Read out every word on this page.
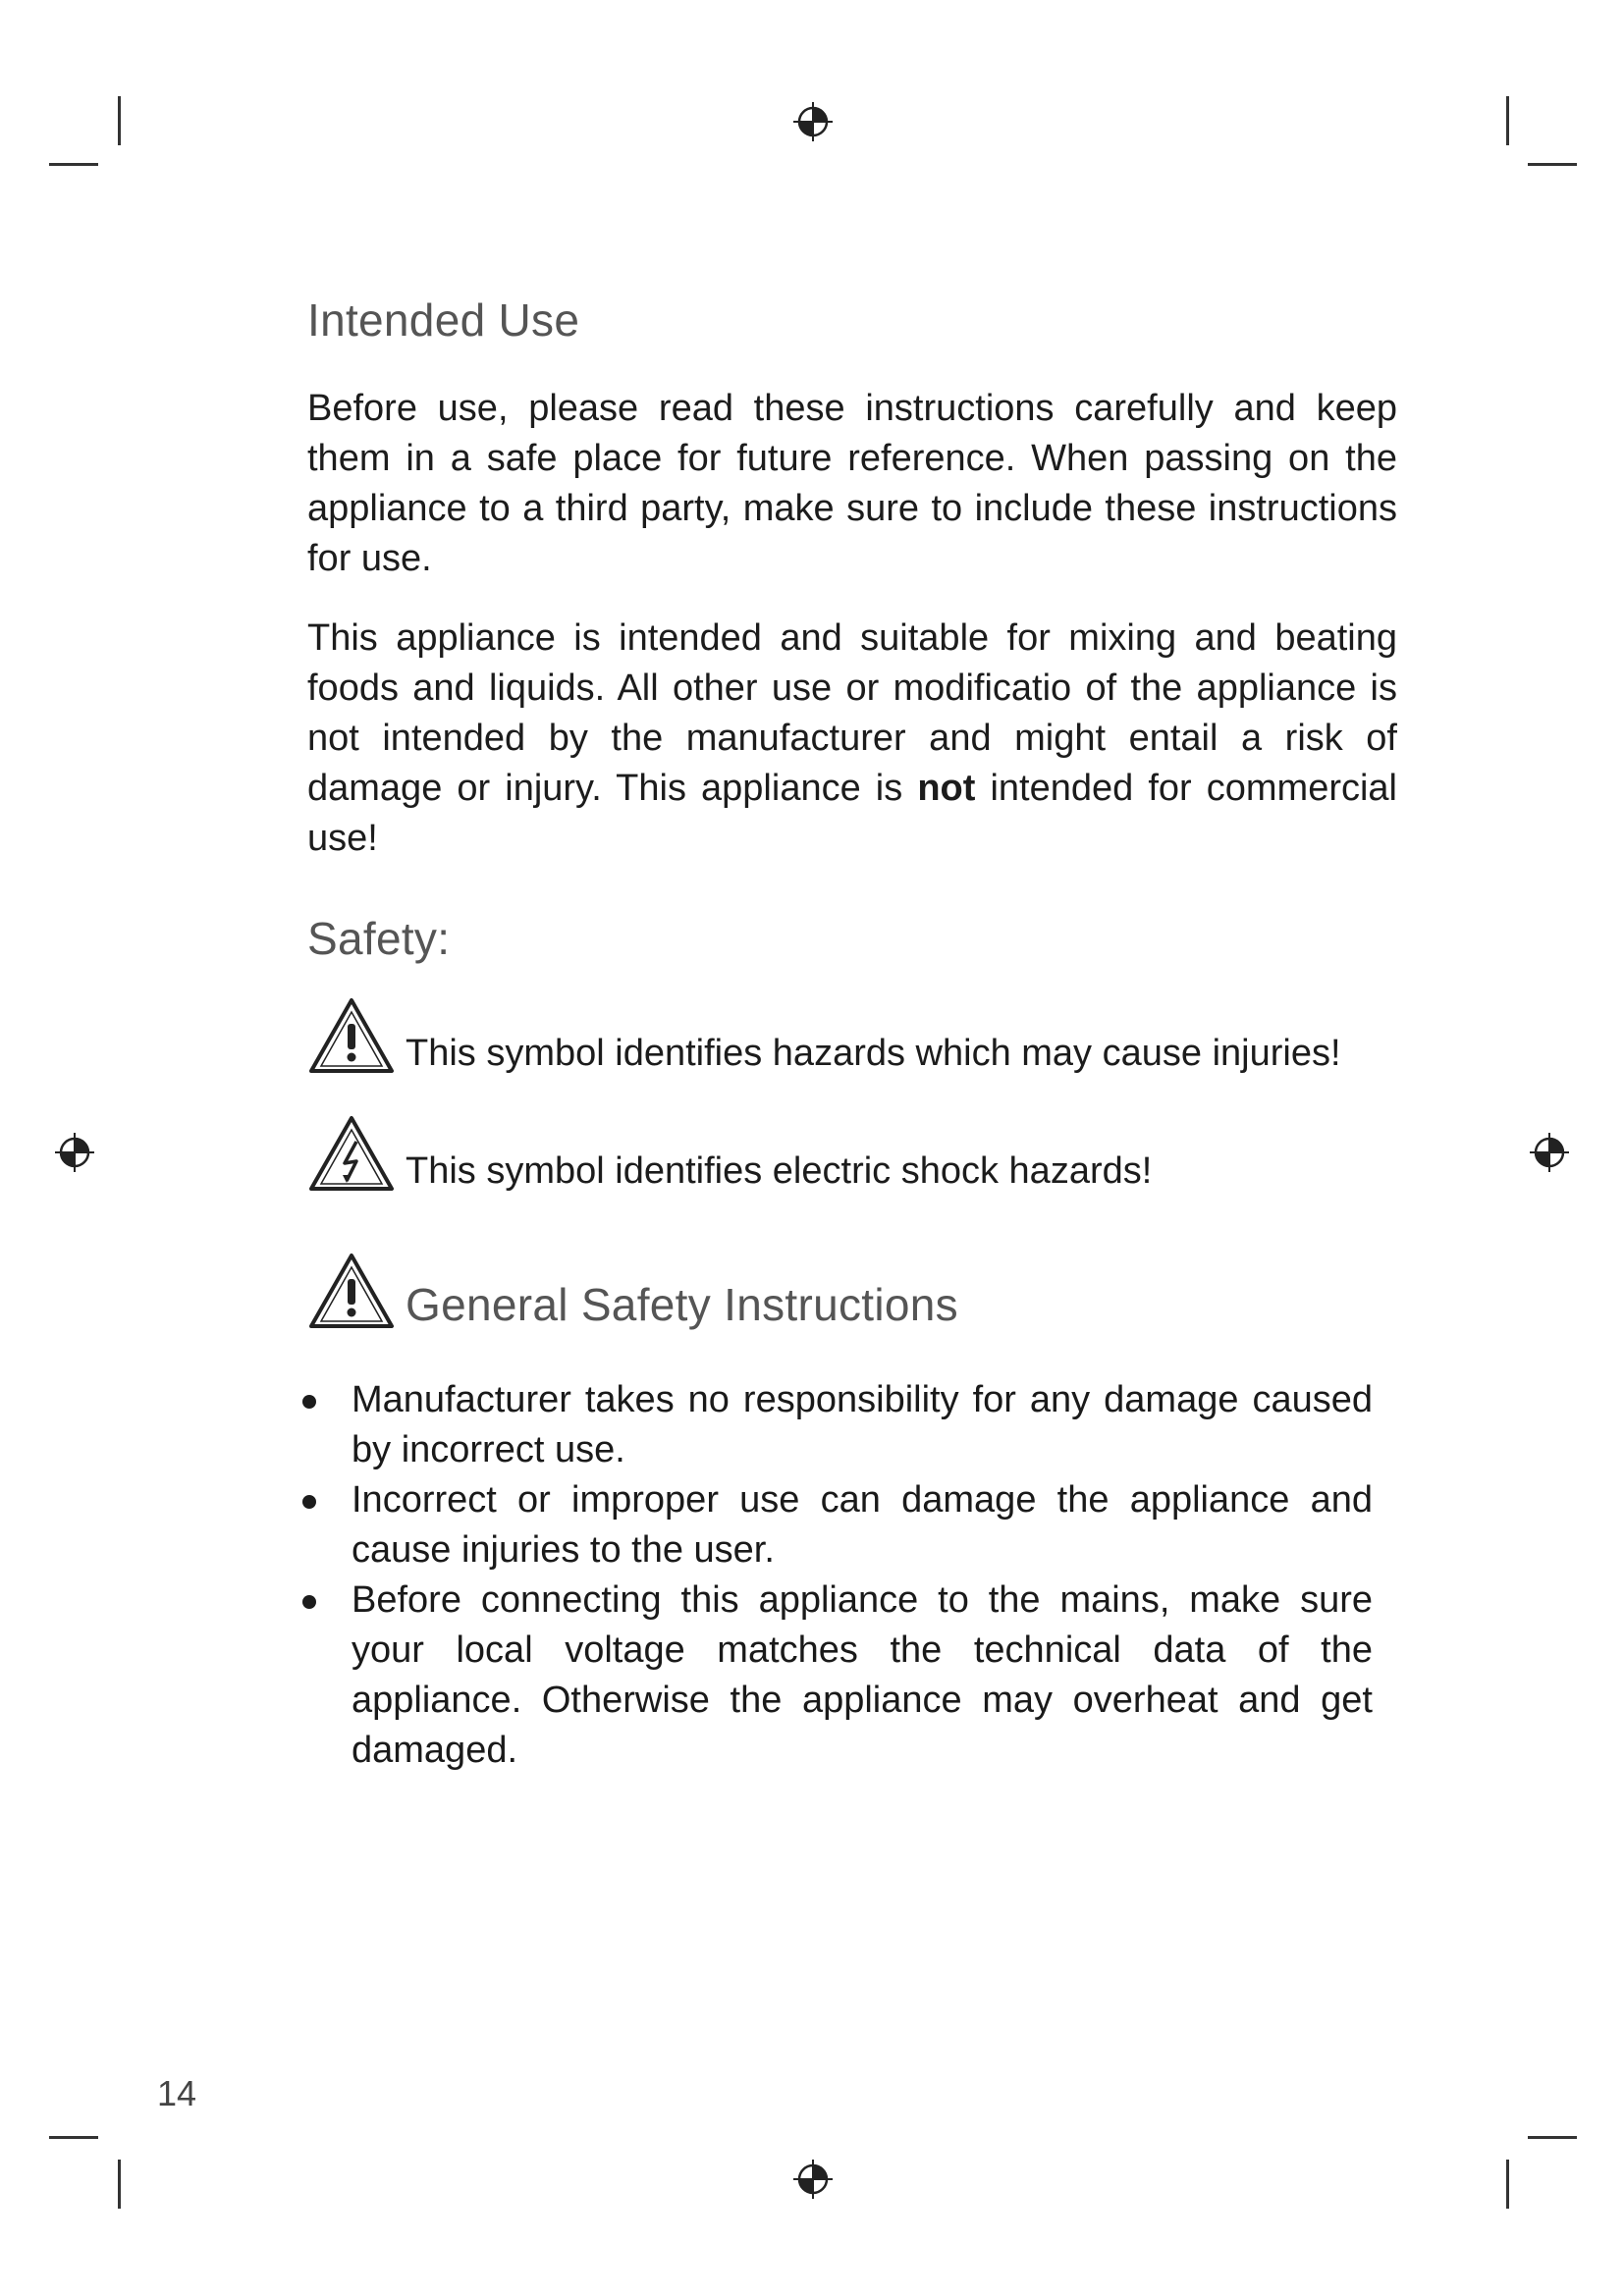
Intended Use

Before use, please read these instructions carefully and keep them in a safe place for future reference. When passing on the appliance to a third party, make sure to include these instructions for use.

This appliance is intended and suitable for mixing and beating foods and liquids. All other use or modificatio of the appliance is not intended by the manufacturer and might entail a risk of damage or injury. This appliance is not intended for commercial use!

Safety:
This symbol identifies hazards which may cause injuries!
This symbol identifies electric shock hazards!
General Safety Instructions
Manufacturer takes no responsibility for any damage caused by incorrect use.
Incorrect or improper use can damage the appliance and cause injuries to the user.
Before connecting this appliance to the mains, make sure your local voltage matches the technical data of the appliance. Otherwise the appliance may overheat and get damaged.
14
